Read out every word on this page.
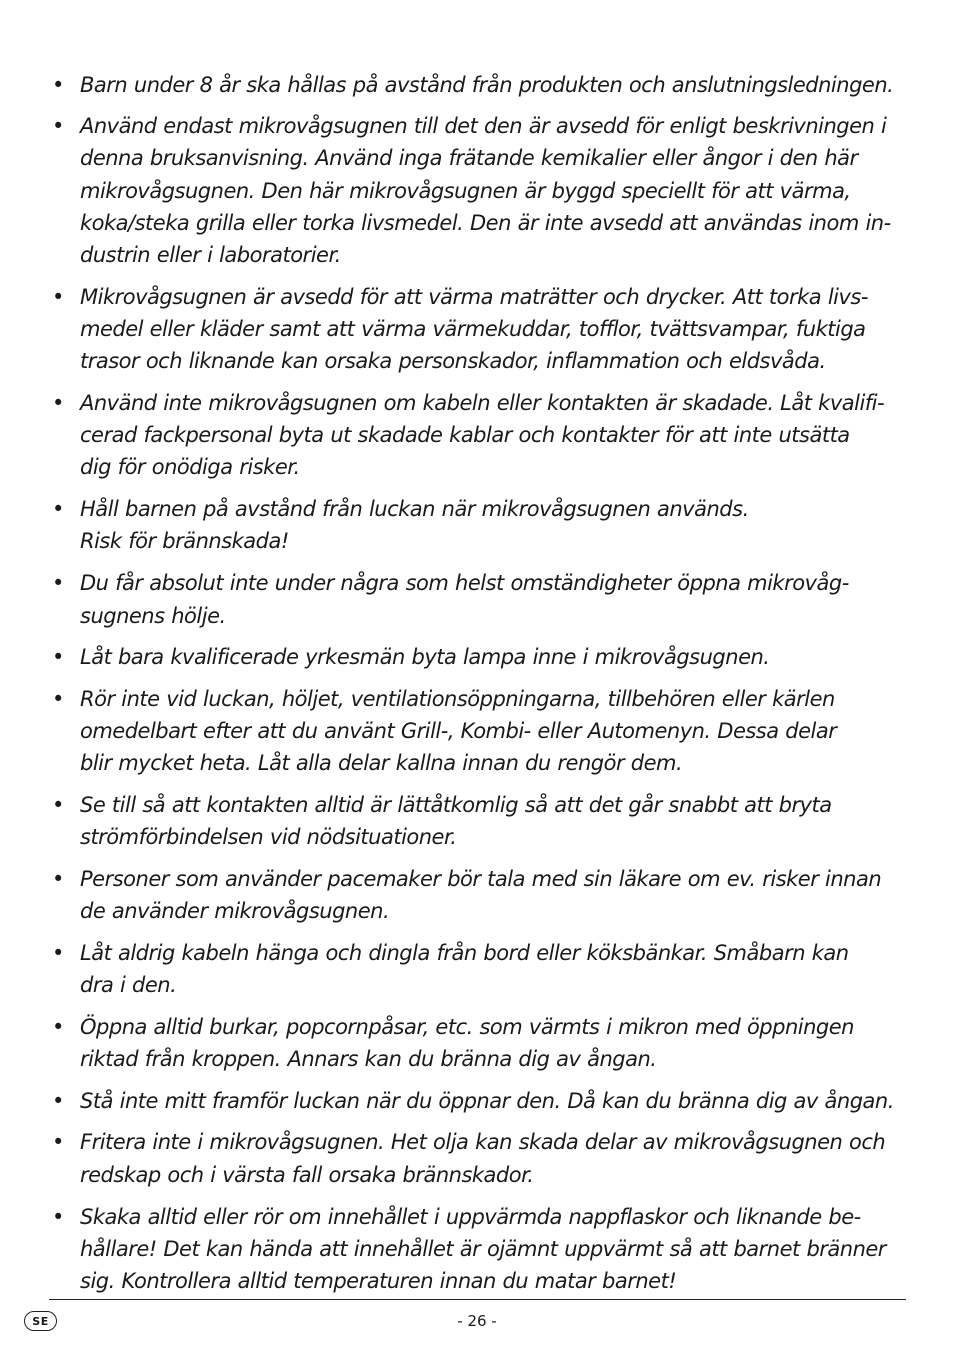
• Barn under 8 år ska hållas på avstånd från produkten och anslutningsledningen.
• Använd endast mikrovågsugnen till det den är avsedd för enligt beskrivningen i
denna bruksanvisning. Använd inga frätande kemikalier eller ångor i den här
mikrovågsugnen. Den här mikrovågsugnen är byggd speciellt för att värma,
koka/steka grilla eller torka livsmedel. Den är inte avsedd att användas inom in-
dustrin eller i laboratorier.
• Mikrovågsugnen är avsedd för att värma maträtter och drycker. Att torka livs-
medel eller kläder samt att värma värmekuddar, tofflor, tvättsvampar, fuktiga
trasor och liknande kan orsaka personskador, inflammation och eldsvåda.
• Använd inte mikrovågsugnen om kabeln eller kontakten är skadade. Låt kvalifi-
cerad fackpersonal byta ut skadade kablar och kontakter för att inte utsätta
dig för onödiga risker.
• Håll barnen på avstånd från luckan när mikrovågsugnen används.
Risk för brännskada!
• Du får absolut inte under några som helst omständigheter öppna mikrovåg-
sugnens hölje.
• Låt bara kvalificerade yrkesmän byta lampa inne i mikrovågsugnen.
• Rör inte vid luckan, höljet, ventilationsöppningarna, tillbehören eller kärlen
omedelbart efter att du använt Grill-, Kombi- eller Automenyn. Dessa delar
blir mycket heta. Låt alla delar kallna innan du rengör dem.
• Se till så att kontakten alltid är lättåtkomlig så att det går snabbt att bryta
strömförbindelsen vid nödsituationer.
• Personer som använder pacemaker bör tala med sin läkare om ev. risker innan
de använder mikrovågsugnen.
• Låt aldrig kabeln hänga och dingla från bord eller köksbänkar. Småbarn kan
dra i den.
• Öppna alltid burkar, popcornpåsar, etc. som värmts i mikron med öppningen
riktad från kroppen. Annars kan du bränna dig av ångan.
• Stå inte mitt framför luckan när du öppnar den. Då kan du bränna dig av ångan.
• Fritera inte i mikrovågsugnen. Het olja kan skada delar av mikrovågsugnen och
redskap och i värsta fall orsaka brännskador.
• Skaka alltid eller rör om innehållet i uppvärmda nappflaskor och liknande be-
hållare! Det kan hända att innehållet är ojämnt uppvärmt så att barnet bränner
sig. Kontrollera alltid temperaturen innan du matar barnet!
SE	- 26 -
